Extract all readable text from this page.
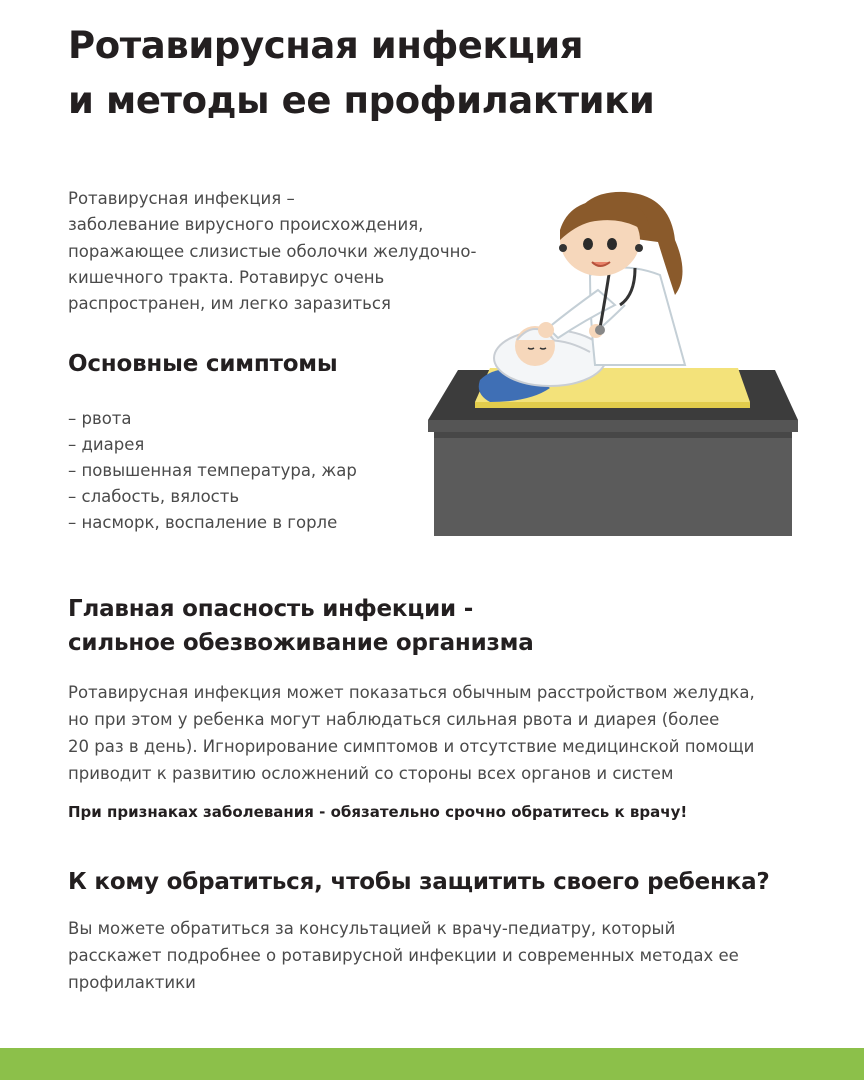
Ротавирусная инфекция
и методы ее профилактики

Ротавирусная инфекция –
заболевание вирусного происхождения,
поражающее слизистые оболочки желудочно-
кишечного тракта. Ротавирус очень
распространен, им легко заразиться

Основные симптомы
– рвота
– диарея
– повышенная температура, жар
– слабость, вялость
– насморк, воспаление в горле
Главная опасность инфекции -
сильное обезвоживание организма

Ротавирусная инфекция может показаться обычным расстройством желудка,
но при этом у ребенка могут наблюдаться сильная рвота и диарея (более
20 раз в день). Игнорирование симптомов и отсутствие медицинской помощи
приводит к развитию осложнений со стороны всех органов и систем

При признаках заболевания - обязательно срочно обратитесь к врачу!

К кому обратиться, чтобы защитить своего ребенка?

Вы можете обратиться за консультацией к врачу-педиатру, который
расскажет подробнее о ротавирусной инфекции и современных методах ее
профилактики
